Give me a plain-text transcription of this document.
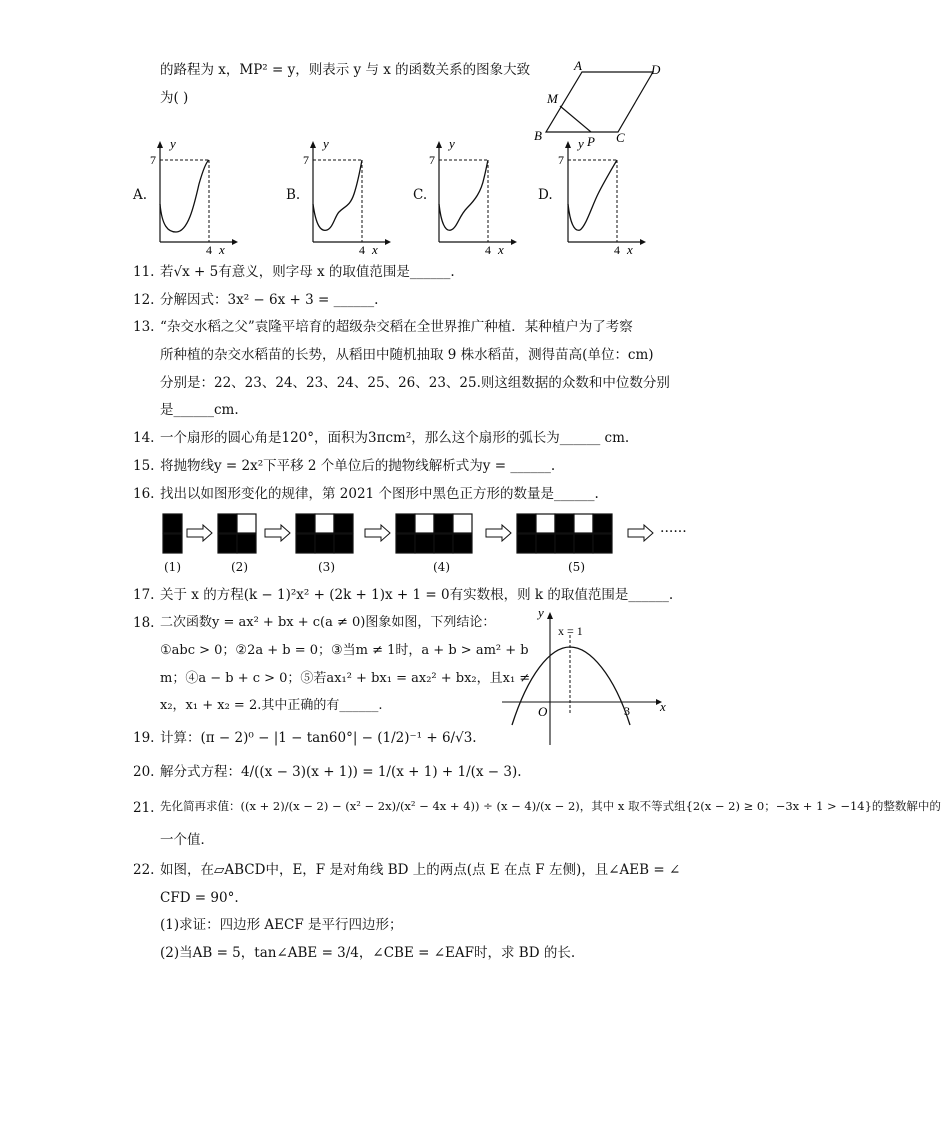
的路程为 x，MP² = y，则表示 y 与 x 的函数关系的图象大致
为( )
A	D
M
B	P C
A.	B.	C.	D.
y
7
4 x
y
7
4 x
y
7
4 x
y
7
4 x
11. 若√x + 5有意义，则字母 x 的取值范围是______.
12. 分解因式：3x² − 6x + 3 = ______.
13. “杂交水稻之父”袁隆平培育的超级杂交稻在全世界推广种植．某种植户为了考察
所种植的杂交水稻苗的长势，从稻田中随机抽取 9 株水稻苗，测得苗高(单位：cm)
分别是：22、23、24、23、24、25、26、23、25.则这组数据的众数和中位数分别
是______cm.
14. 一个扇形的圆心角是120°，面积为3πcm²，那么这个扇形的弧长为______ cm.
15. 将抛物线y = 2x²下平移 2 个单位后的抛物线解析式为y = ______.
16. 找出以如图形变化的规律，第 2021 个图形中黑色正方形的数量是______.
(1)	(2)	(3)	(4)	(5)
......
17. 关于 x 的方程(k − 1)²x² + (2k + 1)x + 1 = 0有实数根，则 k 的取值范围是______.
18. 二次函数y = ax² + bx + c(a ≠ 0)图象如图，下列结论：
①abc > 0；②2a + b = 0；③当m ≠ 1时，a + b > am² + b
m；④a − b + c > 0；⑤若ax₁² + bx₁ = ax₂² + bx₂，且x₁ ≠
x₂，x₁ + x₂ = 2.其中正确的有______.
y
x
O	3
x = 1
19. 计算：(π − 2)⁰ − |1 − tan60°| − (1/2)⁻¹ + 6/√3.
20. 解分式方程：4/((x − 3)(x + 1)) = 1/(x + 1) + 1/(x − 3).
21. 先化简再求值：((x + 2)/(x − 2) − (x² − 2x)/(x² − 4x + 4)) ÷ (x − 4)/(x − 2)，其中 x 取不等式组{2(x − 2) ≥ 0；−3x + 1 > −14}的整数解中的
一个值．
22. 如图，在▱ABCD中，E，F 是对角线 BD 上的两点(点 E 在点 F 左侧)，且∠AEB = ∠
CFD = 90°.
(1)求证：四边形 AECF 是平行四边形；
(2)当AB = 5，tan∠ABE = 3/4，∠CBE = ∠EAF时，求 BD 的长.
